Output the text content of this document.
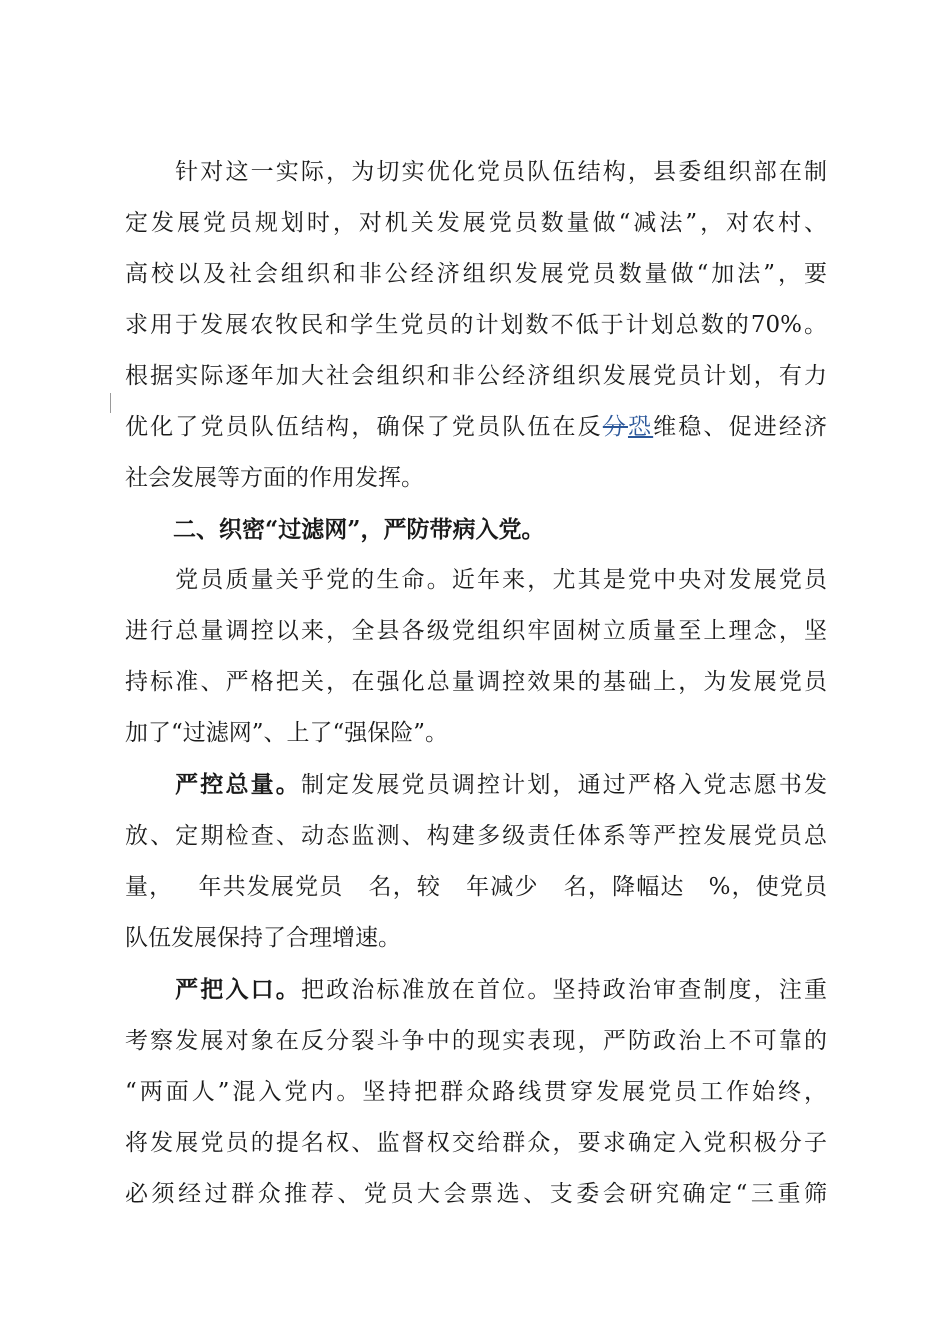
针对这一实际，为切实优化党员队伍结构，县委组织部在制
定发展党员规划时，对机关发展党员数量做“减法”，对农村、
高校以及社会组织和非公经济组织发展党员数量做“加法”，要
求用于发展农牧民和学生党员的计划数不低于计划总数的70%。
根据实际逐年加大社会组织和非公经济组织发展党员计划，有力
优化了党员队伍结构，确保了党员队伍在反分恐维稳、促进经济
社会发展等方面的作用发挥。
二、织密“过滤网”，严防带病入党。
党员质量关乎党的生命。近年来，尤其是党中央对发展党员
进行总量调控以来，全县各级党组织牢固树立质量至上理念，坚
持标准、严格把关，在强化总量调控效果的基础上，为发展党员
加了“过滤网”、上了“强保险”。
严控总量。制定发展党员调控计划，通过严格入党志愿书发
放、定期检查、动态监测、构建多级责任体系等严控发展党员总
量， 年共发展党员 名，较 年减少 名，降幅达 %，使党员
队伍发展保持了合理增速。
严把入口。把政治标准放在首位。坚持政治审查制度，注重
考察发展对象在反分裂斗争中的现实表现，严防政治上不可靠的
“两面人”混入党内。坚持把群众路线贯穿发展党员工作始终，
将发展党员的提名权、监督权交给群众，要求确定入党积极分子
必须经过群众推荐、党员大会票选、支委会研究确定“三重筛
